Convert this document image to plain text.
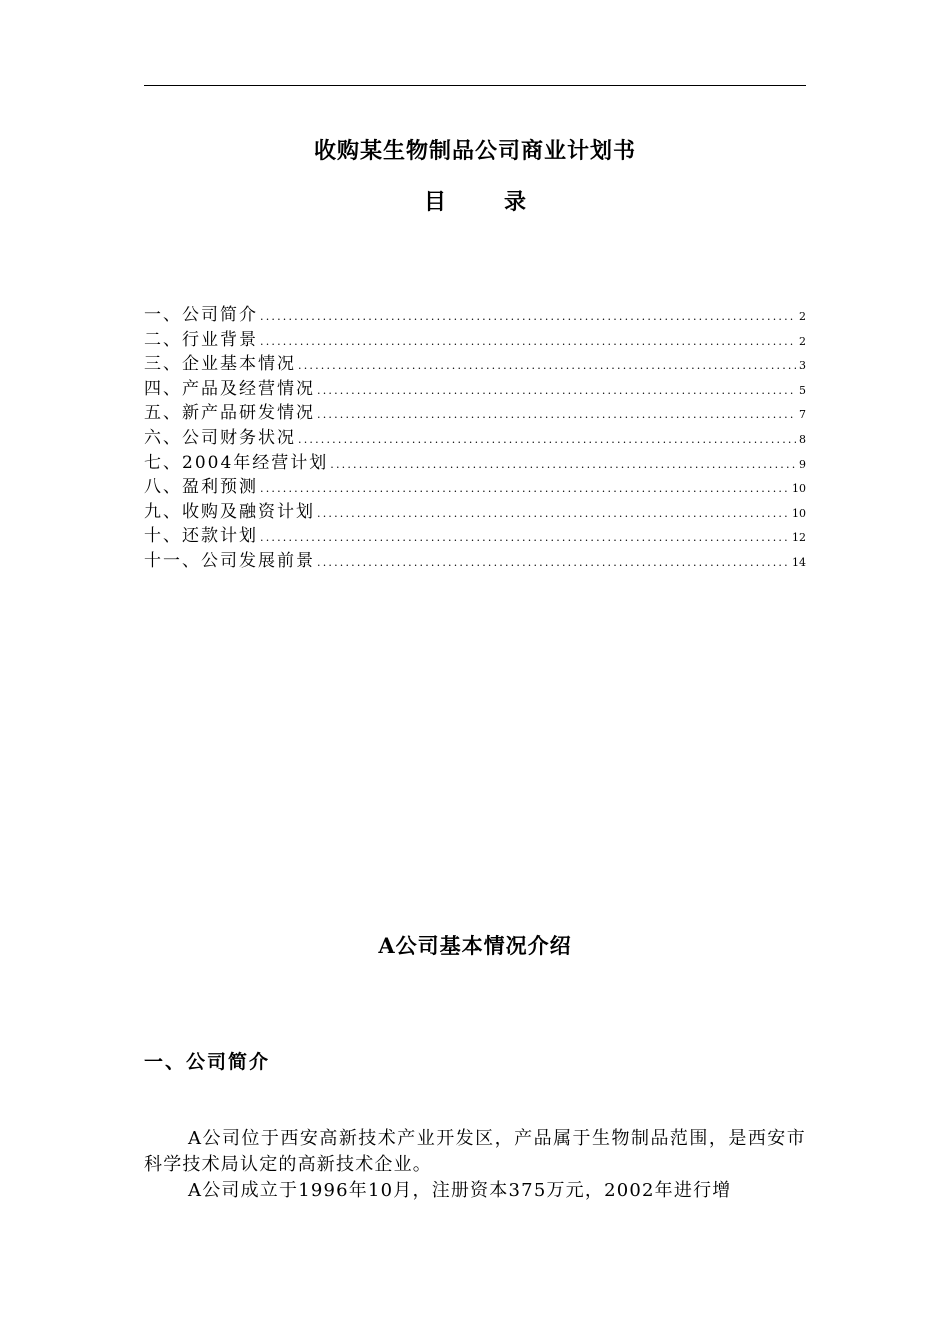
收购某生物制品公司商业计划书
目录
一、公司简介 .....	2
二、行业背景 .....	2
三、企业基本情况 .....	3
四、产品及经营情况 .....	5
五、新产品研发情况 .....	7
六、公司财务状况 .....	8
七、2004年经营计划 .....	9
八、盈利预测 .....	10
九、收购及融资计划 .....	10
十、还款计划 .....	12
十一、公司发展前景 .....	14
A公司基本情况介绍
一、公司简介

A公司位于西安高新技术产业开发区，产品属于生物制品范围，是西安市科学技术局认定的高新技术企业。

A公司成立于1996年10月，注册资本375万元，2002年进行增
